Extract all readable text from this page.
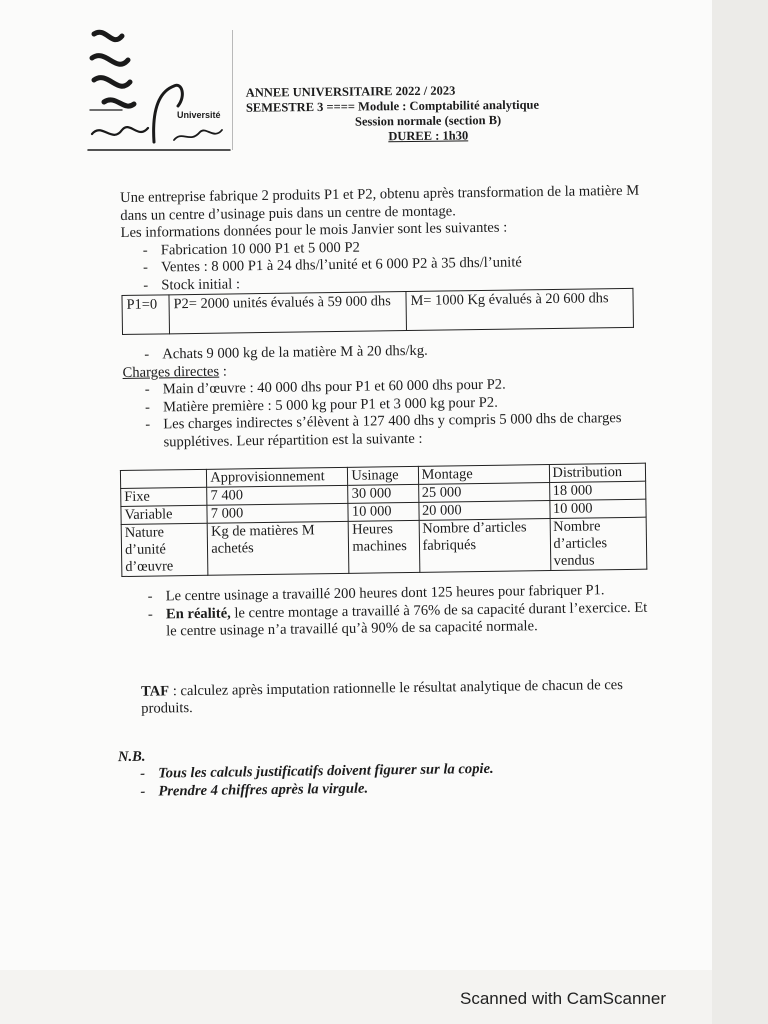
Université
ANNEE UNIVERSITAIRE 2022 / 2023
SEMESTRE 3 ==== Module : Comptabilité analytique
Session normale (section B)
DUREE : 1h30

Une entreprise fabrique 2 produits P1 et P2, obtenu après transformation de la matière M dans un centre d’usinage puis dans un centre de montage.

Les informations données pour le mois Janvier sont les suivantes :

- Fabrication 10 000 P1 et 5 000 P2
- Ventes : 8 000 P1 à 24 dhs/l’unité et 6 000 P2 à 35 dhs/l’unité
- Stock initial :
P1=0	P2= 2000 unités évalués à 59 000 dhs	M= 1000 Kg évalués à 20 600 dhs
- Achats 9 000 kg de la matière M à 20 dhs/kg.

Charges directes :

- Main d’œuvre : 40 000 dhs pour P1 et 60 000 dhs pour P2.
- Matière première : 5 000 kg pour P1 et 3 000 kg pour P2.
- Les charges indirectes s’élèvent à 127 400 dhs y compris 5 000 dhs de charges supplétives. Leur répartition est la suivante :
	Approvisionnement	Usinage	Montage	Distribution
Fixe	7 400	30 000	25 000	18 000
Variable	7 000	10 000	20 000	10 000
Nature d’unité d’œuvre	Kg de matières M achetés	Heures machines	Nombre d’articles fabriqués	Nombre d’articles vendus
- Le centre usinage a travaillé 200 heures dont 125 heures pour fabriquer P1.
- En réalité, le centre montage a travaillé à 76% de sa capacité durant l’exercice. Et le centre usinage n’a travaillé qu’à 90% de sa capacité normale.

TAF : calculez après imputation rationnelle le résultat analytique de chacun de ces produits.

N.B.

- Tous les calculs justificatifs doivent figurer sur la copie.
- Prendre 4 chiffres après la virgule.
Scanned with CamScanner
